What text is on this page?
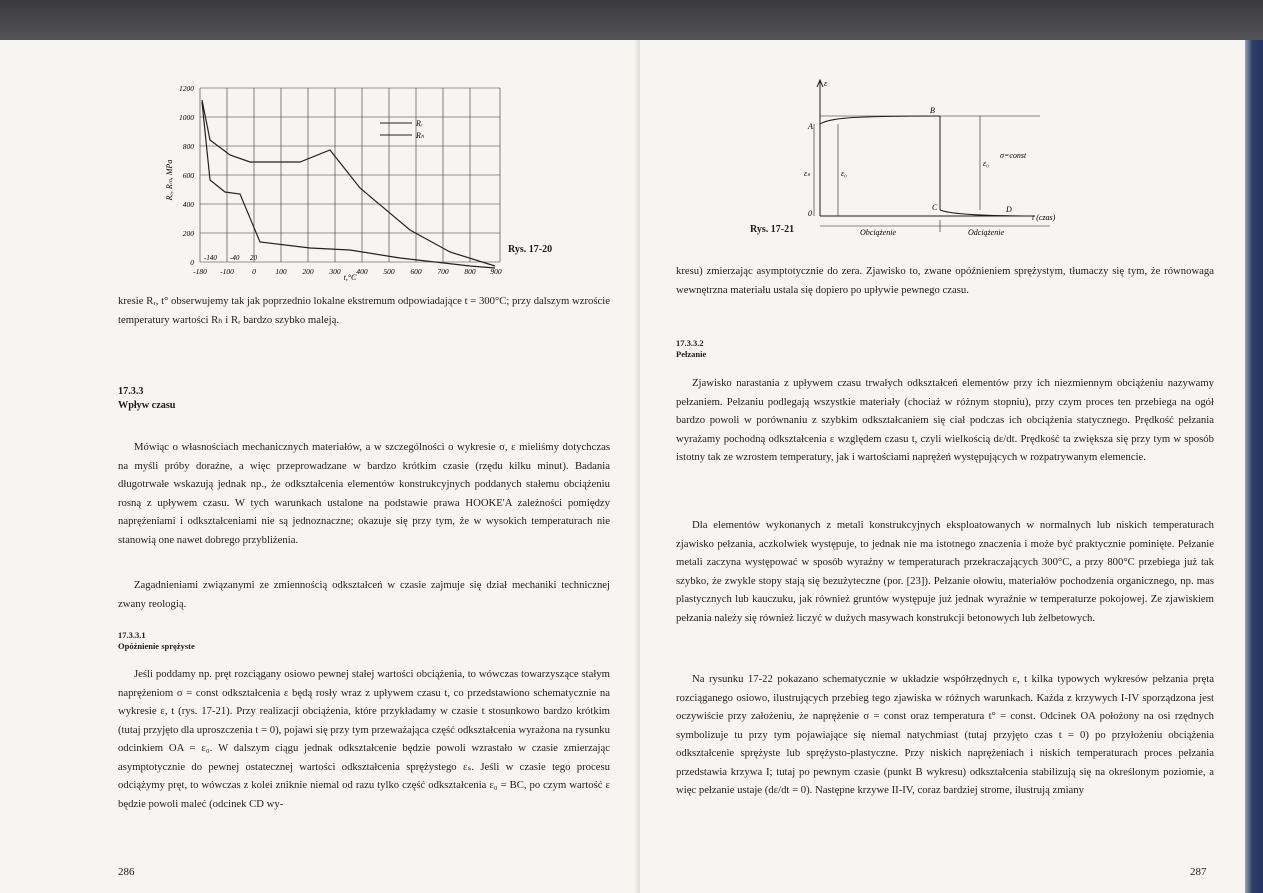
Rᵣ
Rₕ
0
200
400
600
800
1000
1200
Rₐ, Rₘ, MPa
-180 -100 0	100 200 300 400 500 600 700 800 900
-140 -40 20
t,°C
Rys. 17-20

kresie Rᵣ, t° obserwujemy tak jak poprzednio lokalne ekstremum odpowiadające t = 300°C; przy dalszym wzroście temperatury wartości Rₕ i Rᵣ bardzo szybko maleją.

17.3.3
Wpływ czasu

Mówiąc o własnościach mechanicznych materiałów, a w szczególności o wykresie σ, ε mieliśmy dotychczas na myśli próby doraźne, a więc przeprowadzane w bardzo krótkim czasie (rzędu kilku minut). Badania długotrwałe wskazują jednak np., że odkształcenia elementów konstrukcyjnych poddanych stałemu obciążeniu rosną z upływem czasu. W tych warunkach ustalone na podstawie prawa HOOKE'A zależności pomiędzy naprężeniami i odkształceniami nie są jednoznaczne; okazuje się przy tym, że w wysokich temperaturach nie stanowią one nawet dobrego przybliżenia.

Zagadnieniami związanymi ze zmiennością odkształceń w czasie zajmuje się dział mechaniki technicznej zwany reologią.

17.3.3.1
Opóźnienie sprężyste

Jeśli poddamy np. pręt rozciągany osiowo pewnej stałej wartości obciążenia, to wówczas towarzyszące stałym naprężeniom σ = const odkształcenia ε będą rosły wraz z upływem czasu t, co przedstawiono schematycznie na wykresie ε, t (rys. 17-21). Przy realizacji obciążenia, które przykładamy w czasie t stosunkowo bardzo krótkim (tutaj przyjęto dla uproszczenia t = 0), pojawi się przy tym przeważająca część odkształcenia wyrażona na rysunku odcinkiem OA = ε₀. W dalszym ciągu jednak odkształcenie będzie powoli wzrastało w czasie zmierzając asymptotycznie do pewnej ostatecznej wartości odkształcenia sprężystego εₛ. Jeśli w czasie tego procesu odciążymy pręt, to wówczas z kolei zniknie niemal od razu tylko część odkształcenia ε₀ = BC, po czym wartość ε będzie powoli maleć (odcinek CD wy-

286
ε
A
B
C	D
0
σ=const
εₛ	ε₀
ε₀
t (czas)
Obciążenie	Odciążenie
Rys. 17-21

kresu) zmierzając asymptotycznie do zera. Zjawisko to, zwane opóźnieniem sprężystym, tłumaczy się tym, że równowaga wewnętrzna materiału ustala się dopiero po upływie pewnego czasu.

17.3.3.2
Pełzanie

Zjawisko narastania z upływem czasu trwałych odkształceń elementów przy ich niezmiennym obciążeniu nazywamy pełzaniem. Pełzaniu podlegają wszystkie materiały (chociaż w różnym stopniu), przy czym proces ten przebiega na ogół bardzo powoli w porównaniu z szybkim odkształcaniem się ciał podczas ich obciążenia statycznego. Prędkość pełzania wyrażamy pochodną odkształcenia ε względem czasu t, czyli wielkością dε/dt. Prędkość ta zwiększa się przy tym w sposób istotny tak ze wzrostem temperatury, jak i wartościami naprężeń występujących w rozpatrywanym elemencie.

Dla elementów wykonanych z metali konstrukcyjnych eksploatowanych w normalnych lub niskich temperaturach zjawisko pełzania, aczkolwiek występuje, to jednak nie ma istotnego znaczenia i może być praktycznie pominięte. Pełzanie metali zaczyna występować w sposób wyraźny w temperaturach przekraczających 300°C, a przy 800°C przebiega już tak szybko, że zwykle stopy stają się bezużyteczne (por. [23]). Pełzanie ołowiu, materiałów pochodzenia organicznego, np. mas plastycznych lub kauczuku, jak również gruntów występuje już jednak wyraźnie w temperaturze pokojowej. Ze zjawiskiem pełzania należy się również liczyć w dużych masywach konstrukcji betonowych lub żelbetowych.

Na rysunku 17-22 pokazano schematycznie w układzie współrzędnych ε, t kilka typowych wykresów pełzania pręta rozciąganego osiowo, ilustrujących przebieg tego zjawiska w różnych warunkach. Każda z krzywych I-IV sporządzona jest oczywiście przy założeniu, że naprężenie σ = const oraz temperatura t° = const. Odcinek OA położony na osi rzędnych symbolizuje tu przy tym pojawiające się niemal natychmiast (tutaj przyjęto czas t = 0) po przyłożeniu obciążenia odkształcenie sprężyste lub sprężysto-plastyczne. Przy niskich naprężeniach i niskich temperaturach proces pełzania przedstawia krzywa I; tutaj po pewnym czasie (punkt B wykresu) odkształcenia stabilizują się na określonym poziomie, a więc pełzanie ustaje (dε/dt = 0). Następne krzywe II-IV, coraz bardziej strome, ilustrują zmiany

287
